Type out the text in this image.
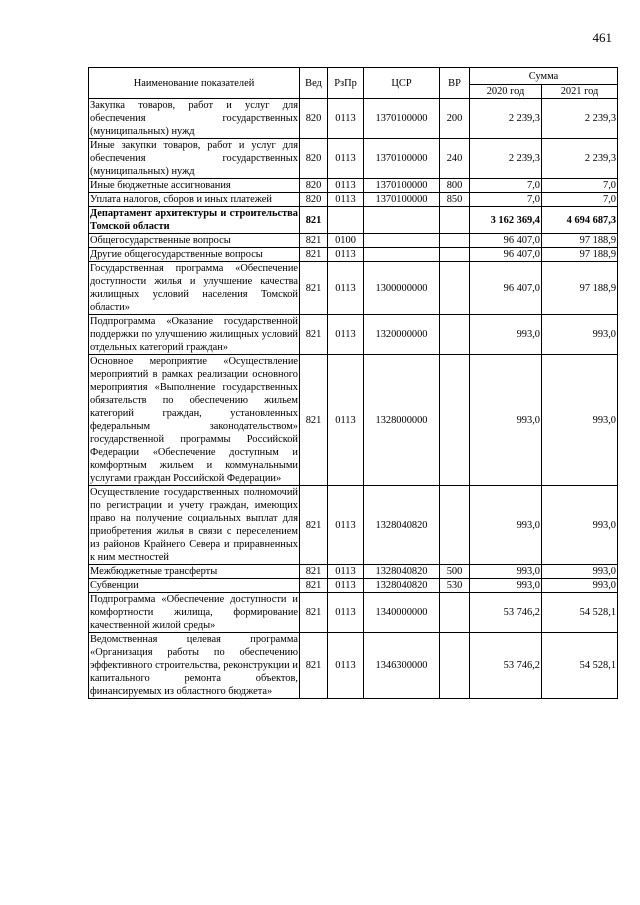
461
Наименование показателей	Вед	РзПр	ЦСР	ВР	Сумма	
					2020 год	2021 год
Закупка товаров, работ и услуг для обеспечения государственных (муниципальных) нужд	820	0113	1370100000	200	2 239,3	2 239,3
Иные закупки товаров, работ и услуг для обеспечения государственных (муниципальных) нужд	820	0113	1370100000	240	2 239,3	2 239,3
Иные бюджетные ассигнования	820	0113	1370100000	800	7,0	7,0
Уплата налогов, сборов и иных платежей	820	0113	1370100000	850	7,0	7,0
Департамент архитектуры и строительства Томской области	821				3 162 369,4	4 694 687,3
Общегосударственные вопросы	821	0100			96 407,0	97 188,9
Другие общегосударственные вопросы	821	0113			96 407,0	97 188,9
Государственная программа «Обеспечение доступности жилья и улучшение качества жилищных условий населения Томской области»	821	0113	1300000000		96 407,0	97 188,9
Подпрограмма «Оказание государственной поддержки по улучшению жилищных условий отдельных категорий граждан»	821	0113	1320000000		993,0	993,0
Основное мероприятие «Осуществление мероприятий в рамках реализации основного мероприятия «Выполнение государственных обязательств по обеспечению жильем категорий граждан, установленных федеральным законодательством» государственной программы Российской Федерации «Обеспечение доступным и комфортным жильем и коммунальными услугами граждан Российской Федерации»	821	0113	1328000000		993,0	993,0
Осуществление государственных полномочий по регистрации и учету граждан, имеющих право на получение социальных выплат для приобретения жилья в связи с переселением из районов Крайнего Севера и приравненных к ним местностей	821	0113	1328040820		993,0	993,0
Межбюджетные трансферты	821	0113	1328040820	500	993,0	993,0
Субвенции	821	0113	1328040820	530	993,0	993,0
Подпрограмма «Обеспечение доступности и комфортности жилища, формирование качественной жилой среды»	821	0113	1340000000		53 746,2	54 528,1
Ведомственная целевая программа «Организация работы по обеспечению эффективного строительства, реконструкции и капитального ремонта объектов, финансируемых из областного бюджета»	821	0113	1346300000		53 746,2	54 528,1
